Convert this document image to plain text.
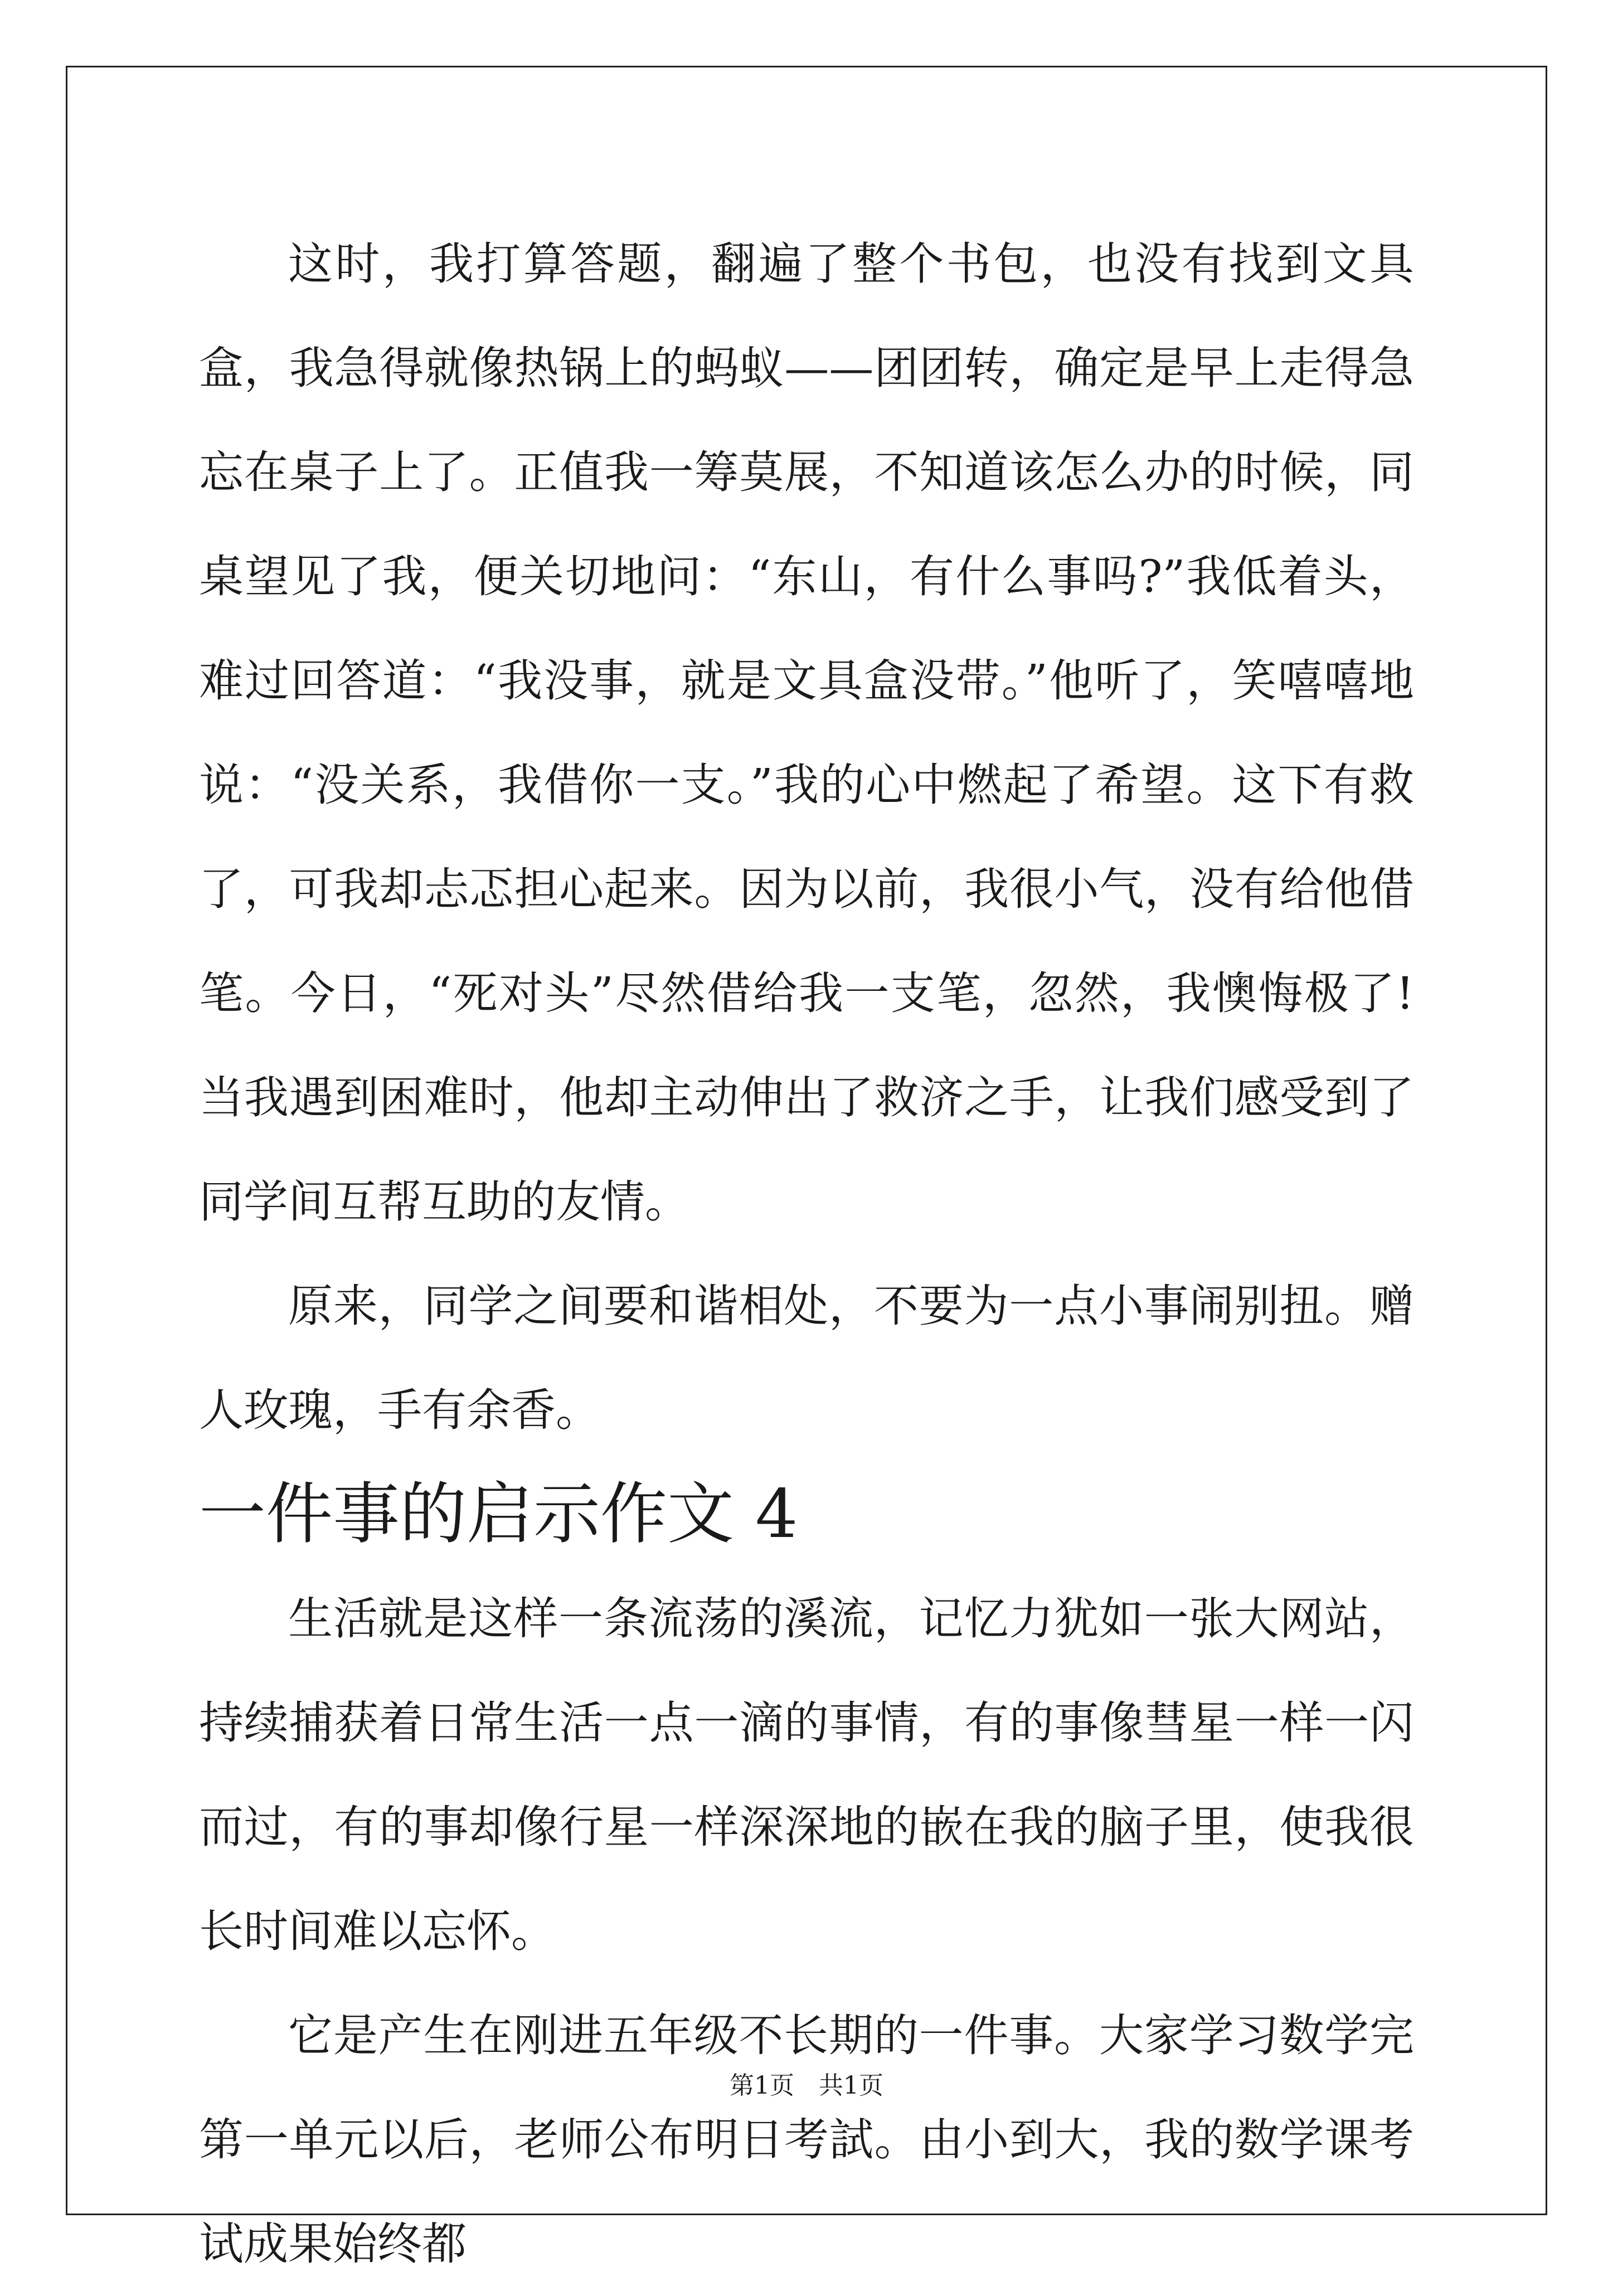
这时，我打算答题，翻遍了整个书包，也没有找到文具盒，我急得就像热锅上的蚂蚁——团团转，确定是早上走得急忘在桌子上了。正值我一筹莫展，不知道该怎么办的时候，同桌望见了我，便关切地问：“东山，有什么事吗?”我低着头，难过回答道：“我没事，就是文具盒没带。”他听了，笑嘻嘻地说：“没关系，我借你一支。”我的心中燃起了希望。这下有救了，可我却忐忑担心起来。因为以前，我很小气，没有给他借笔。今日，“死对头”尽然借给我一支笔，忽然，我懊悔极了!当我遇到困难时，他却主动伸出了救济之手，让我们感受到了同学间互帮互助的友情。

原来，同学之间要和谐相处，不要为一点小事闹别扭。赠人玫瑰，手有余香。

一件事的启示作文 4

生活就是这样一条流荡的溪流，记忆力犹如一张大网站，持续捕获着日常生活一点一滴的事情，有的事像彗星一样一闪而过，有的事却像行星一样深深地的嵌在我的脑子里，使我很长时间难以忘怀。

它是产生在刚进五年级不长期的一件事。大家学习数学完第一单元以后，老师公布明日考試。由小到大，我的数学课考试成果始终都

第1页 共1页
